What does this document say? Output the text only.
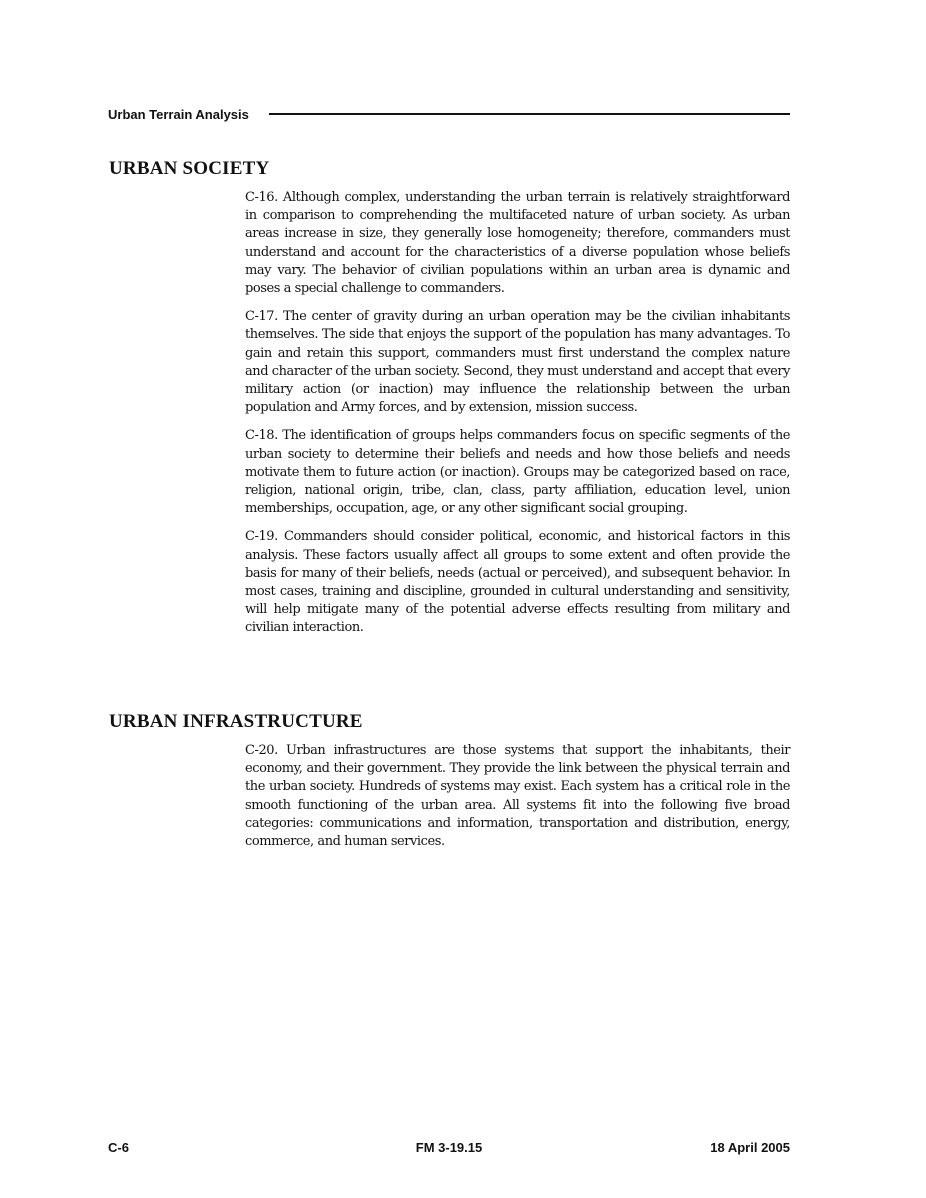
Urban Terrain Analysis
URBAN SOCIETY

C-16. Although complex, understanding the urban terrain is relatively straightforward in comparison to comprehending the multifaceted nature of urban society. As urban areas increase in size, they generally lose homogeneity; therefore, commanders must understand and account for the characteristics of a diverse population whose beliefs may vary. The behavior of civilian populations within an urban area is dynamic and poses a special challenge to commanders.

C-17. The center of gravity during an urban operation may be the civilian inhabitants themselves. The side that enjoys the support of the population has many advantages. To gain and retain this support, commanders must first understand the complex nature and character of the urban society. Second, they must understand and accept that every military action (or inaction) may influence the relationship between the urban population and Army forces, and by extension, mission success.

C-18. The identification of groups helps commanders focus on specific segments of the urban society to determine their beliefs and needs and how those beliefs and needs motivate them to future action (or inaction). Groups may be categorized based on race, religion, national origin, tribe, clan, class, party affiliation, education level, union memberships, occupation, age, or any other significant social grouping.

C-19. Commanders should consider political, economic, and historical factors in this analysis. These factors usually affect all groups to some extent and often provide the basis for many of their beliefs, needs (actual or perceived), and subsequent behavior. In most cases, training and discipline, grounded in cultural understanding and sensitivity, will help mitigate many of the potential adverse effects resulting from military and civilian interaction.

URBAN INFRASTRUCTURE

C-20. Urban infrastructures are those systems that support the inhabitants, their economy, and their government. They provide the link between the physical terrain and the urban society. Hundreds of systems may exist. Each system has a critical role in the smooth functioning of the urban area. All systems fit into the following five broad categories: communications and information, transportation and distribution, energy, commerce, and human services.

C-6	FM 3-19.15	18 April 2005
